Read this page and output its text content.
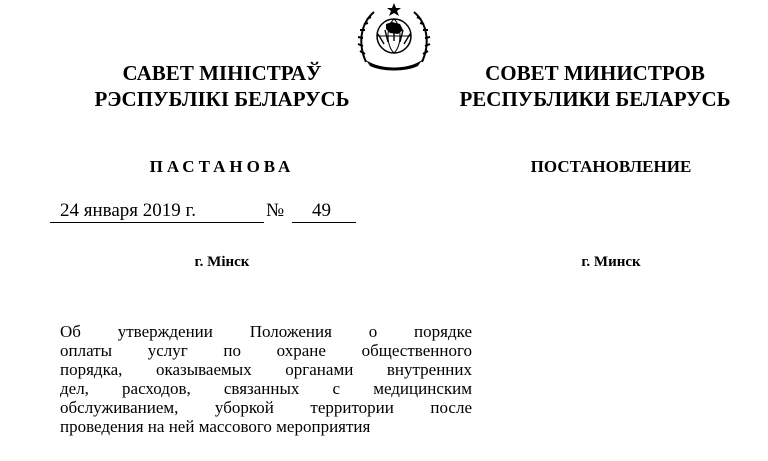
САВЕТ МІНІСТРАЎ
РЭСПУБЛІКІ БЕЛАРУСЬ
СОВЕТ МИНИСТРОВ
РЕСПУБЛИКИ БЕЛАРУСЬ
ПАСТАНОВА	ПОСТАНОВЛЕНИЕ
24 января 2019 г.	№ 49
г. Мінск	г. Минск
Об утверждении Положения о порядке
оплаты услуг по охране общественного
порядка, оказываемых органами внутренних
дел, расходов, связанных с медицинским
обслуживанием, уборкой территории после
проведения на ней массового мероприятия
